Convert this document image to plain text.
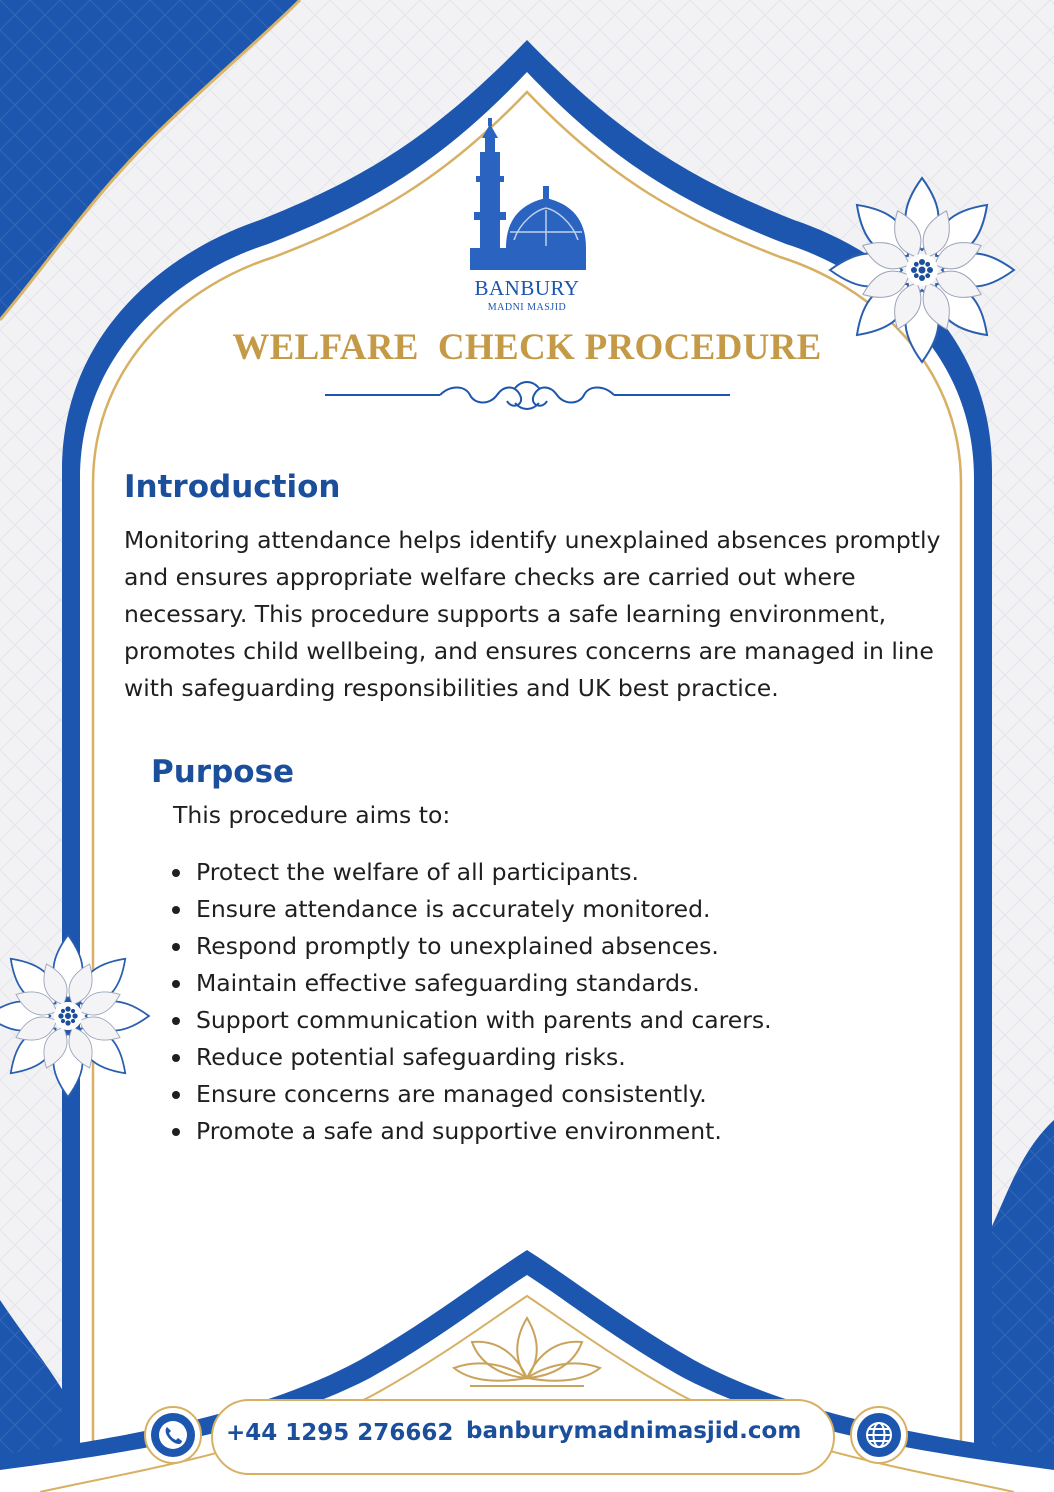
BANBURY
MADNI MASJID
WELFARE  CHECK PROCEDURE
Introduction
Monitoring attendance helps identify unexplained absences promptly and ensures appropriate welfare checks are carried out where necessary. This procedure supports a safe learning environment, promotes child wellbeing, and ensures concerns are managed in line with safeguarding responsibilities and UK best practice.
Purpose
This procedure aims to:
Protect the welfare of all participants.
Ensure attendance is accurately monitored.
Respond promptly to unexplained absences.
Maintain effective safeguarding standards.
Support communication with parents and carers.
Reduce potential safeguarding risks.
Ensure concerns are managed consistently.
Promote a safe and supportive environment.
+44 1295 276662 banburymadnimasjid.com
